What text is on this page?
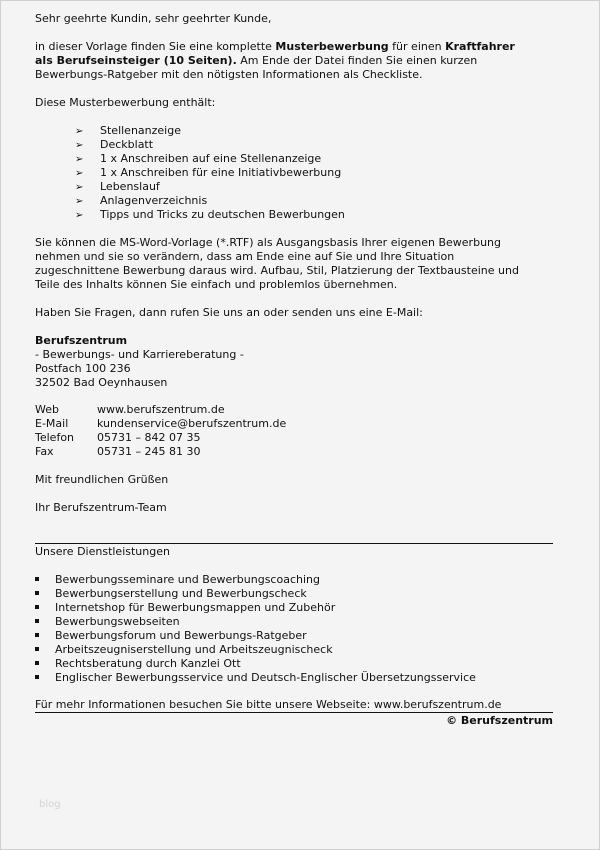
Sehr geehrte Kundin, sehr geehrter Kunde,
in dieser Vorlage finden Sie eine komplette Musterbewerbung für einen Kraftfahrer
als Berufseinsteiger (10 Seiten). Am Ende der Datei finden Sie einen kurzen
Bewerbungs-Ratgeber mit den nötigsten Informationen als Checkliste.
Diese Musterbewerbung enthält:
➢ Stellenanzeige
➢ Deckblatt
➢ 1 x Anschreiben auf eine Stellenanzeige
➢ 1 x Anschreiben für eine Initiativbewerbung
➢ Lebenslauf
➢ Anlagenverzeichnis
➢ Tipps und Tricks zu deutschen Bewerbungen
Sie können die MS-Word-Vorlage (*.RTF) als Ausgangsbasis Ihrer eigenen Bewerbung
nehmen und sie so verändern, dass am Ende eine auf Sie und Ihre Situation
zugeschnittene Bewerbung daraus wird. Aufbau, Stil, Platzierung der Textbausteine und
Teile des Inhalts können Sie einfach und problemlos übernehmen.
Haben Sie Fragen, dann rufen Sie uns an oder senden uns eine E-Mail:
Berufszentrum
- Bewerbungs- und Karriereberatung -
Postfach 100 236
32502 Bad Oeynhausen
Web	www.berufszentrum.de
E-Mail	kundenservice@berufszentrum.de
Telefon 05731 – 842 07 35
Fax	05731 – 245 81 30
Mit freundlichen Grüßen
Ihr Berufszentrum-Team
Unsere Dienstleistungen
Bewerbungsseminare und Bewerbungscoaching
Bewerbungserstellung und Bewerbungscheck
Internetshop für Bewerbungsmappen und Zubehör
Bewerbungswebseiten
Bewerbungsforum und Bewerbungs-Ratgeber
Arbeitszeugniserstellung und Arbeitszeugnischeck
Rechtsberatung durch Kanzlei Ott
Englischer Bewerbungsservice und Deutsch-Englischer Übersetzungsservice
Für mehr Informationen besuchen Sie bitte unsere Webseite: www.berufszentrum.de
© Berufszentrum
blog
